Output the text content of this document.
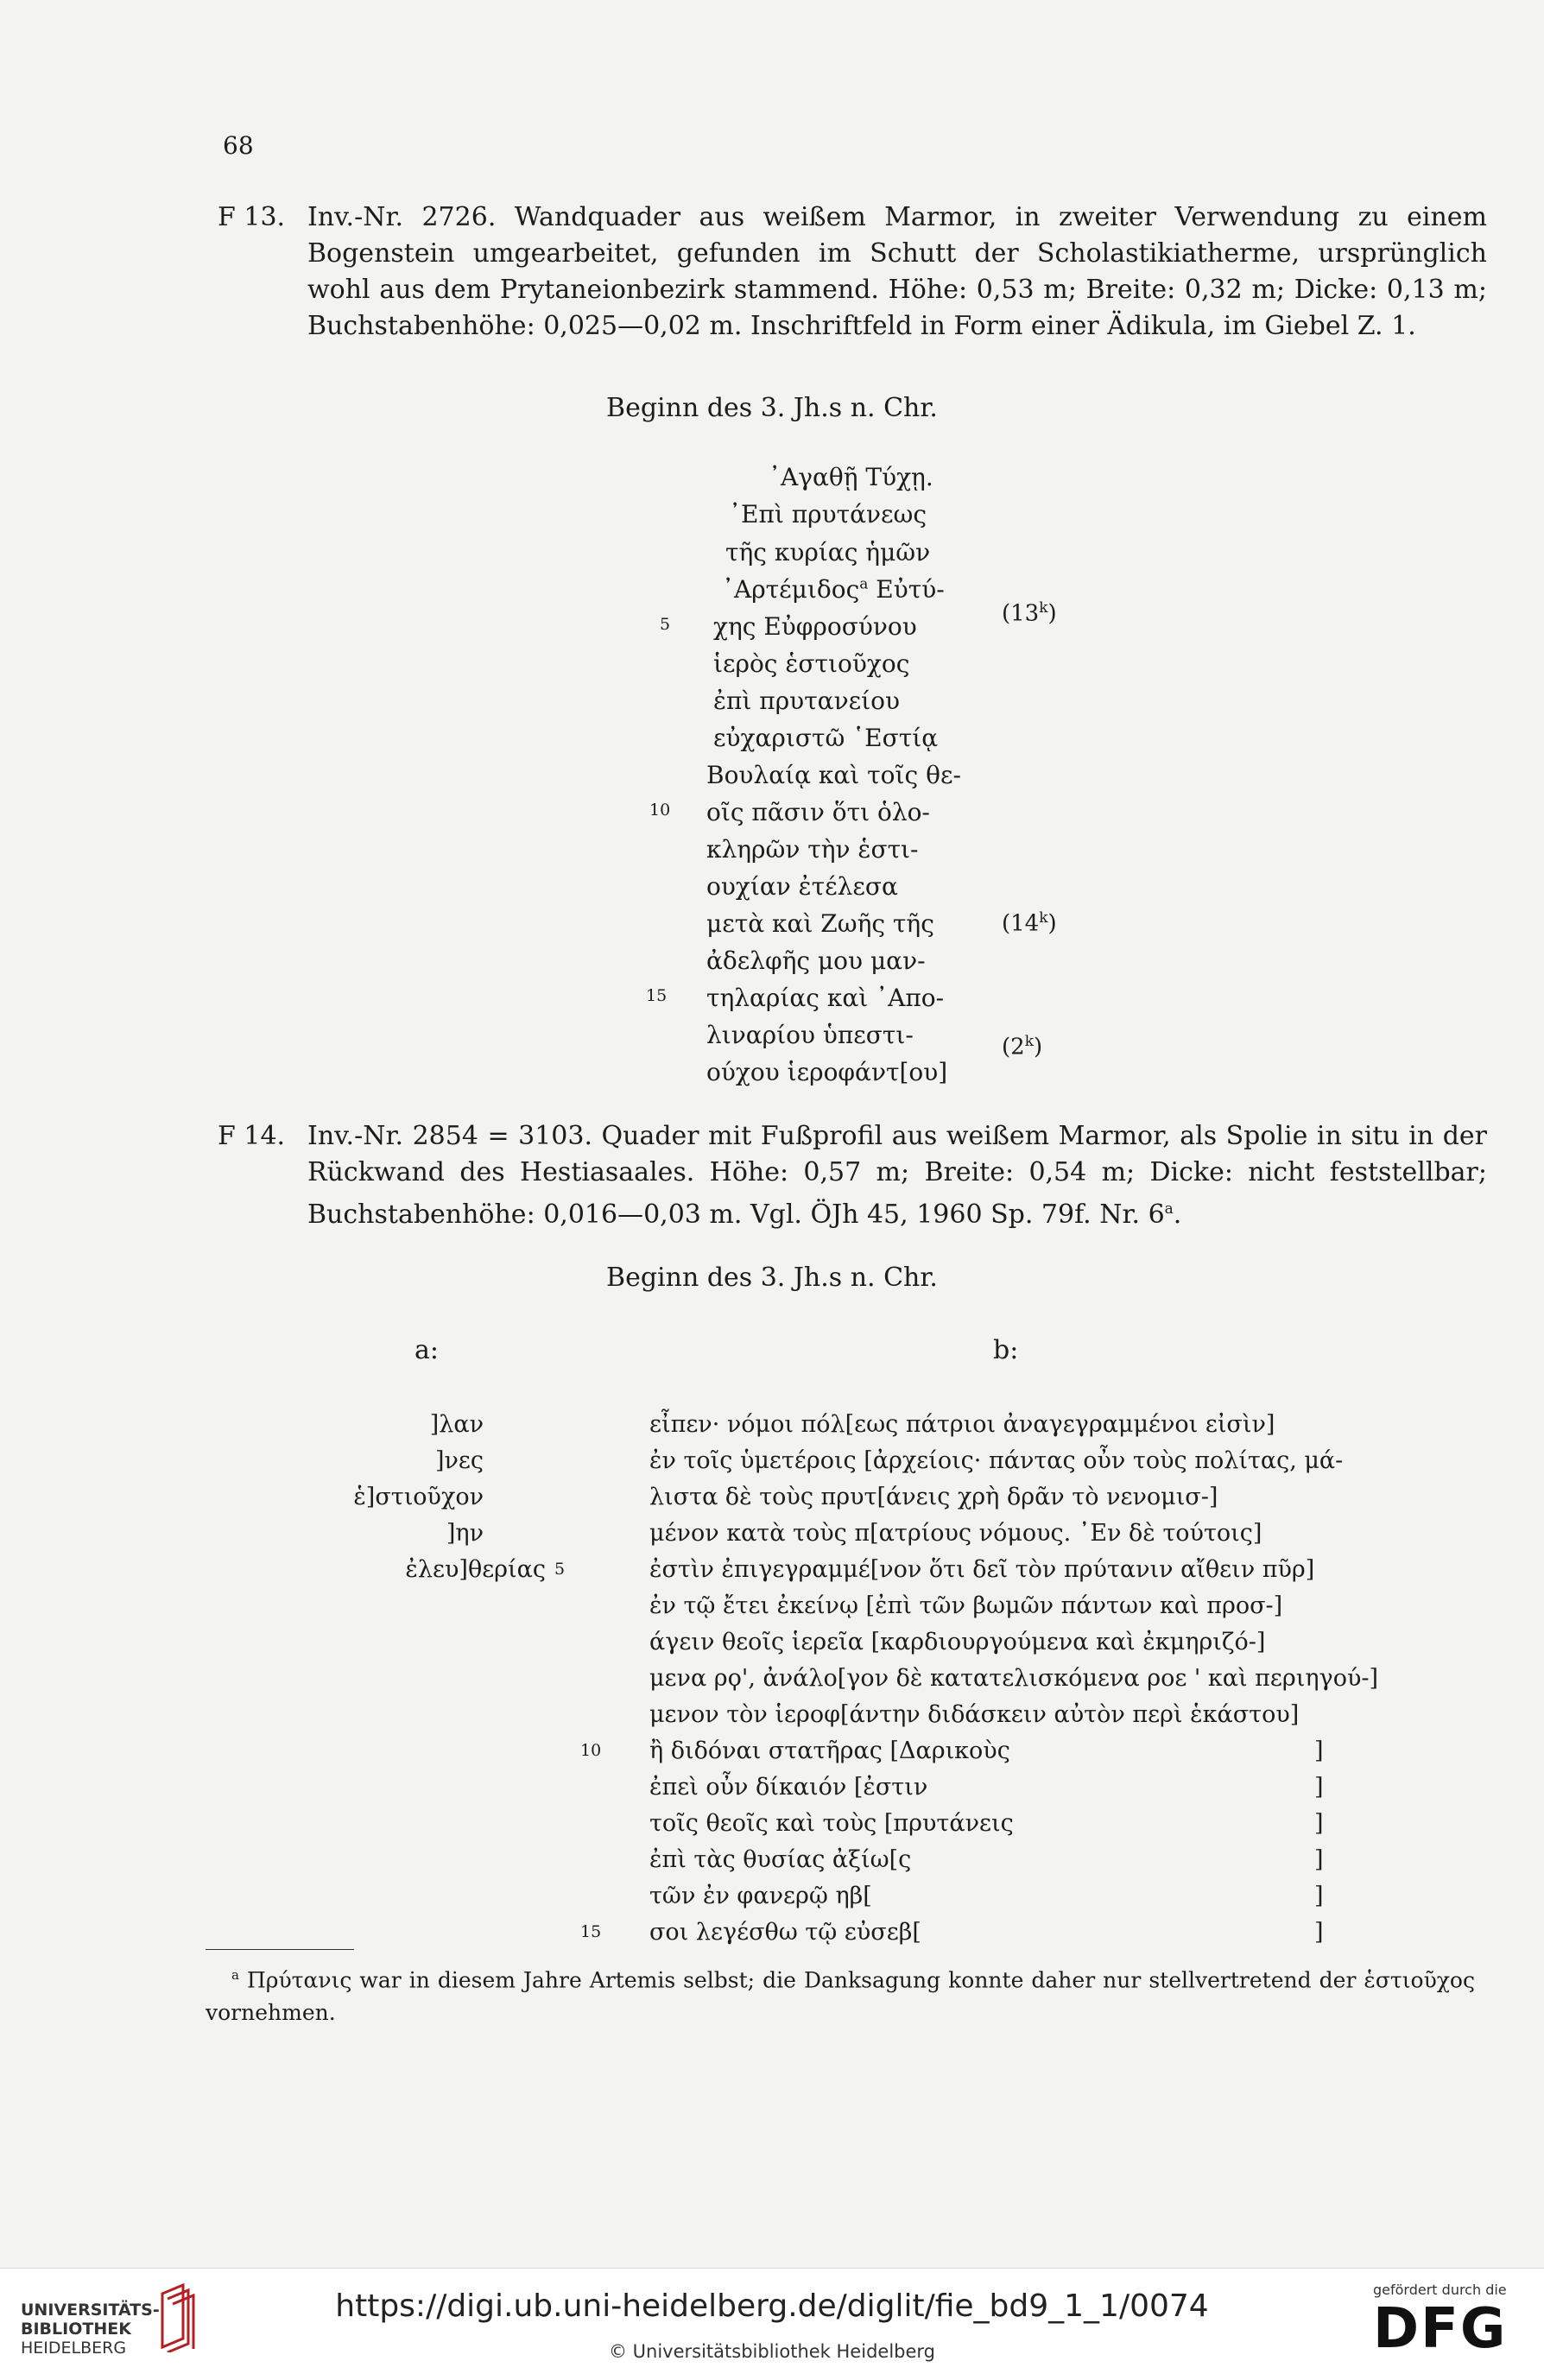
68
F 13. Inv.-Nr. 2726. Wandquader aus weißem Marmor, in zweiter Verwendung zu einem Bogenstein umgearbeitet, gefunden im Schutt der Scholastikiatherme, ursprünglich wohl aus dem Prytaneionbezirk stammend. Höhe: 0,53 m; Breite: 0,32 m; Dicke: 0,13 m; Buchstabenhöhe: 0,025—0,02 m. Inschriftfeld in Form einer Ädikula, im Giebel Z. 1.
Beginn des 3. Jh.s n. Chr.
᾿Αγαθῇ Τύχῃ.
᾿Επὶ πρυτάνεως
τῆς κυρίας ἡμῶν
᾿Αρτέμιδος$^a$ Εὐτύ-
χης Εὐφροσύνου
ἱερὸς ἑστιοῦχος
ἐπὶ πρυτανείου
εὐχαριστῶ ῾Εστίᾳ
Βουλαίᾳ καὶ τοῖς θε-
οῖς πᾶσιν ὅτι ὁλο-
κληρῶν τὴν ἑστι-
ουχίαν ἐτέλεσα
μετὰ καὶ Ζωῆς τῆς
ἀδελφῆς μου μαν-
τηλαρίας καὶ ᾿Απο-
λιναρίου ὑπεστι-
ούχου ἱεροφάντ[ου]
5
10
15
(13$^k$)
(14$^k$)
(2$^k$)
F 14. Inv.-Nr. 2854 = 3103. Quader mit Fußprofil aus weißem Marmor, als Spolie in situ in der Rückwand des Hestiasaales. Höhe: 0,57 m; Breite: 0,54 m; Dicke: nicht feststellbar; Buchstabenhöhe: 0,016—0,03 m. Vgl. ÖJh 45, 1960 Sp. 79f. Nr. 6$^a$.
Beginn des 3. Jh.s n. Chr.
a:	b:
]λαν
]νες
ἑ]στιοῦχον
]ην
ἐλευ]θερίας
εἶπεν· νόμοι πόλ[εως πάτριοι ἀναγεγραμμένοι εἰσὶν]
ἐν τοῖς ὑμετέροις [ἀρχείοις· πάντας οὖν τοὺς πολίτας, μά-
λιστα δὲ τοὺς πρυτ[άνεις χρὴ δρᾶν τὸ νενομισ-]
μένον κατὰ τοὺς π[ατρίους νόμους. ᾿Εν δὲ τούτοις]
ἐστὶν ἐπιγεγραμμέ[νον ὅτι δεῖ τὸν πρύτανιν αἴθειν πῦρ]
ἐν τῷ ἔτει ἐκείνῳ [ἐπὶ τῶν βωμῶν πάντων καὶ προσ-]
άγειν θεοῖς ἱερεῖα [καρδιουργούμενα καὶ ἐκμηριζό-]
μενα ρϙ', ἀνάλο[γον δὲ κατατελισκόμενα ροε ' καὶ περιηγού-]
μενον τὸν ἱεροφ[άντην διδάσκειν αὐτὸν περὶ ἑκάστου]
ἢ διδόναι στατῆρας [Δαρικοὺς
ἐπεὶ οὖν δίκαιόν [ἐστιν
τοῖς θεοῖς καὶ τοὺς [πρυτάνεις
ἐπὶ τὰς θυσίας ἀξίω[ς
τῶν ἐν φανερῷ ηβ[
σοι λεγέσθω τῷ εὐσεβ[
]
]
]
]
]
]
5
10
15
$^a$ Πρύτανις war in diesem Jahre Artemis selbst; die Danksagung konnte daher nur stellvertretend der ἑστιοῦχος vornehmen.
UNIVERSITÄTS-
BIBLIOTHEK
HEIDELBERG
https://digi.ub.uni-heidelberg.de/diglit/fie_bd9_1_1/0074
© Universitätsbibliothek Heidelberg
gefördert durch die
DFG
